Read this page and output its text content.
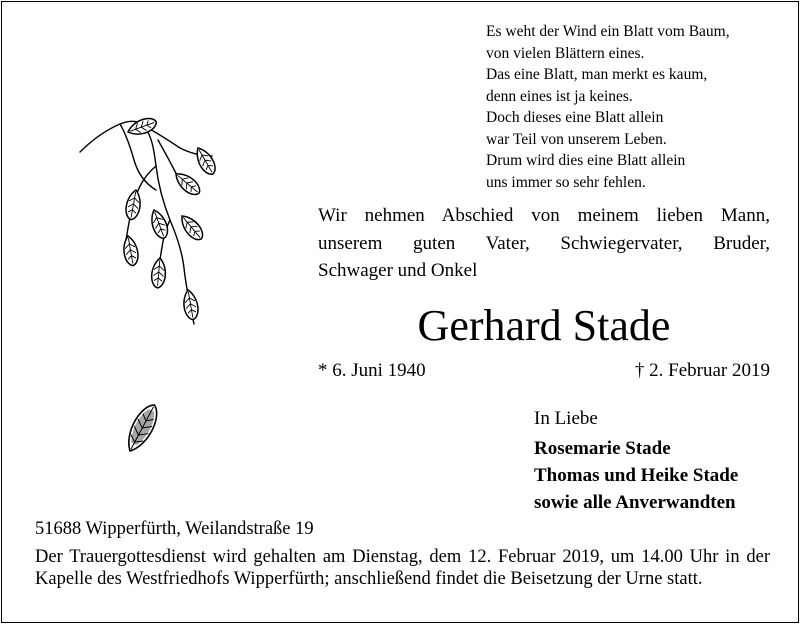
Es weht der Wind ein Blatt vom Baum,
von vielen Blättern eines.
Das eine Blatt, man merkt es kaum,
denn eines ist ja keines.
Doch dieses eine Blatt allein
war Teil von unserem Leben.
Drum wird dies eine Blatt allein
uns immer so sehr fehlen.
Wir nehmen Abschied von meinem lieben Mann,
unserem guten Vater, Schwiegervater, Bruder,
Schwager und Onkel
Gerhard Stade
* 6. Juni 1940	† 2. Februar 2019
In Liebe
Rosemarie Stade
Thomas und Heike Stade
sowie alle Anverwandten
51688 Wipperfürth, Weilandstraße 19
Der Trauergottesdienst wird gehalten am Dienstag, dem 12. Februar 2019, um 14.00 Uhr in der Kapelle des Westfriedhofs Wipperfürth; anschließend findet die Beisetzung der Urne statt.
